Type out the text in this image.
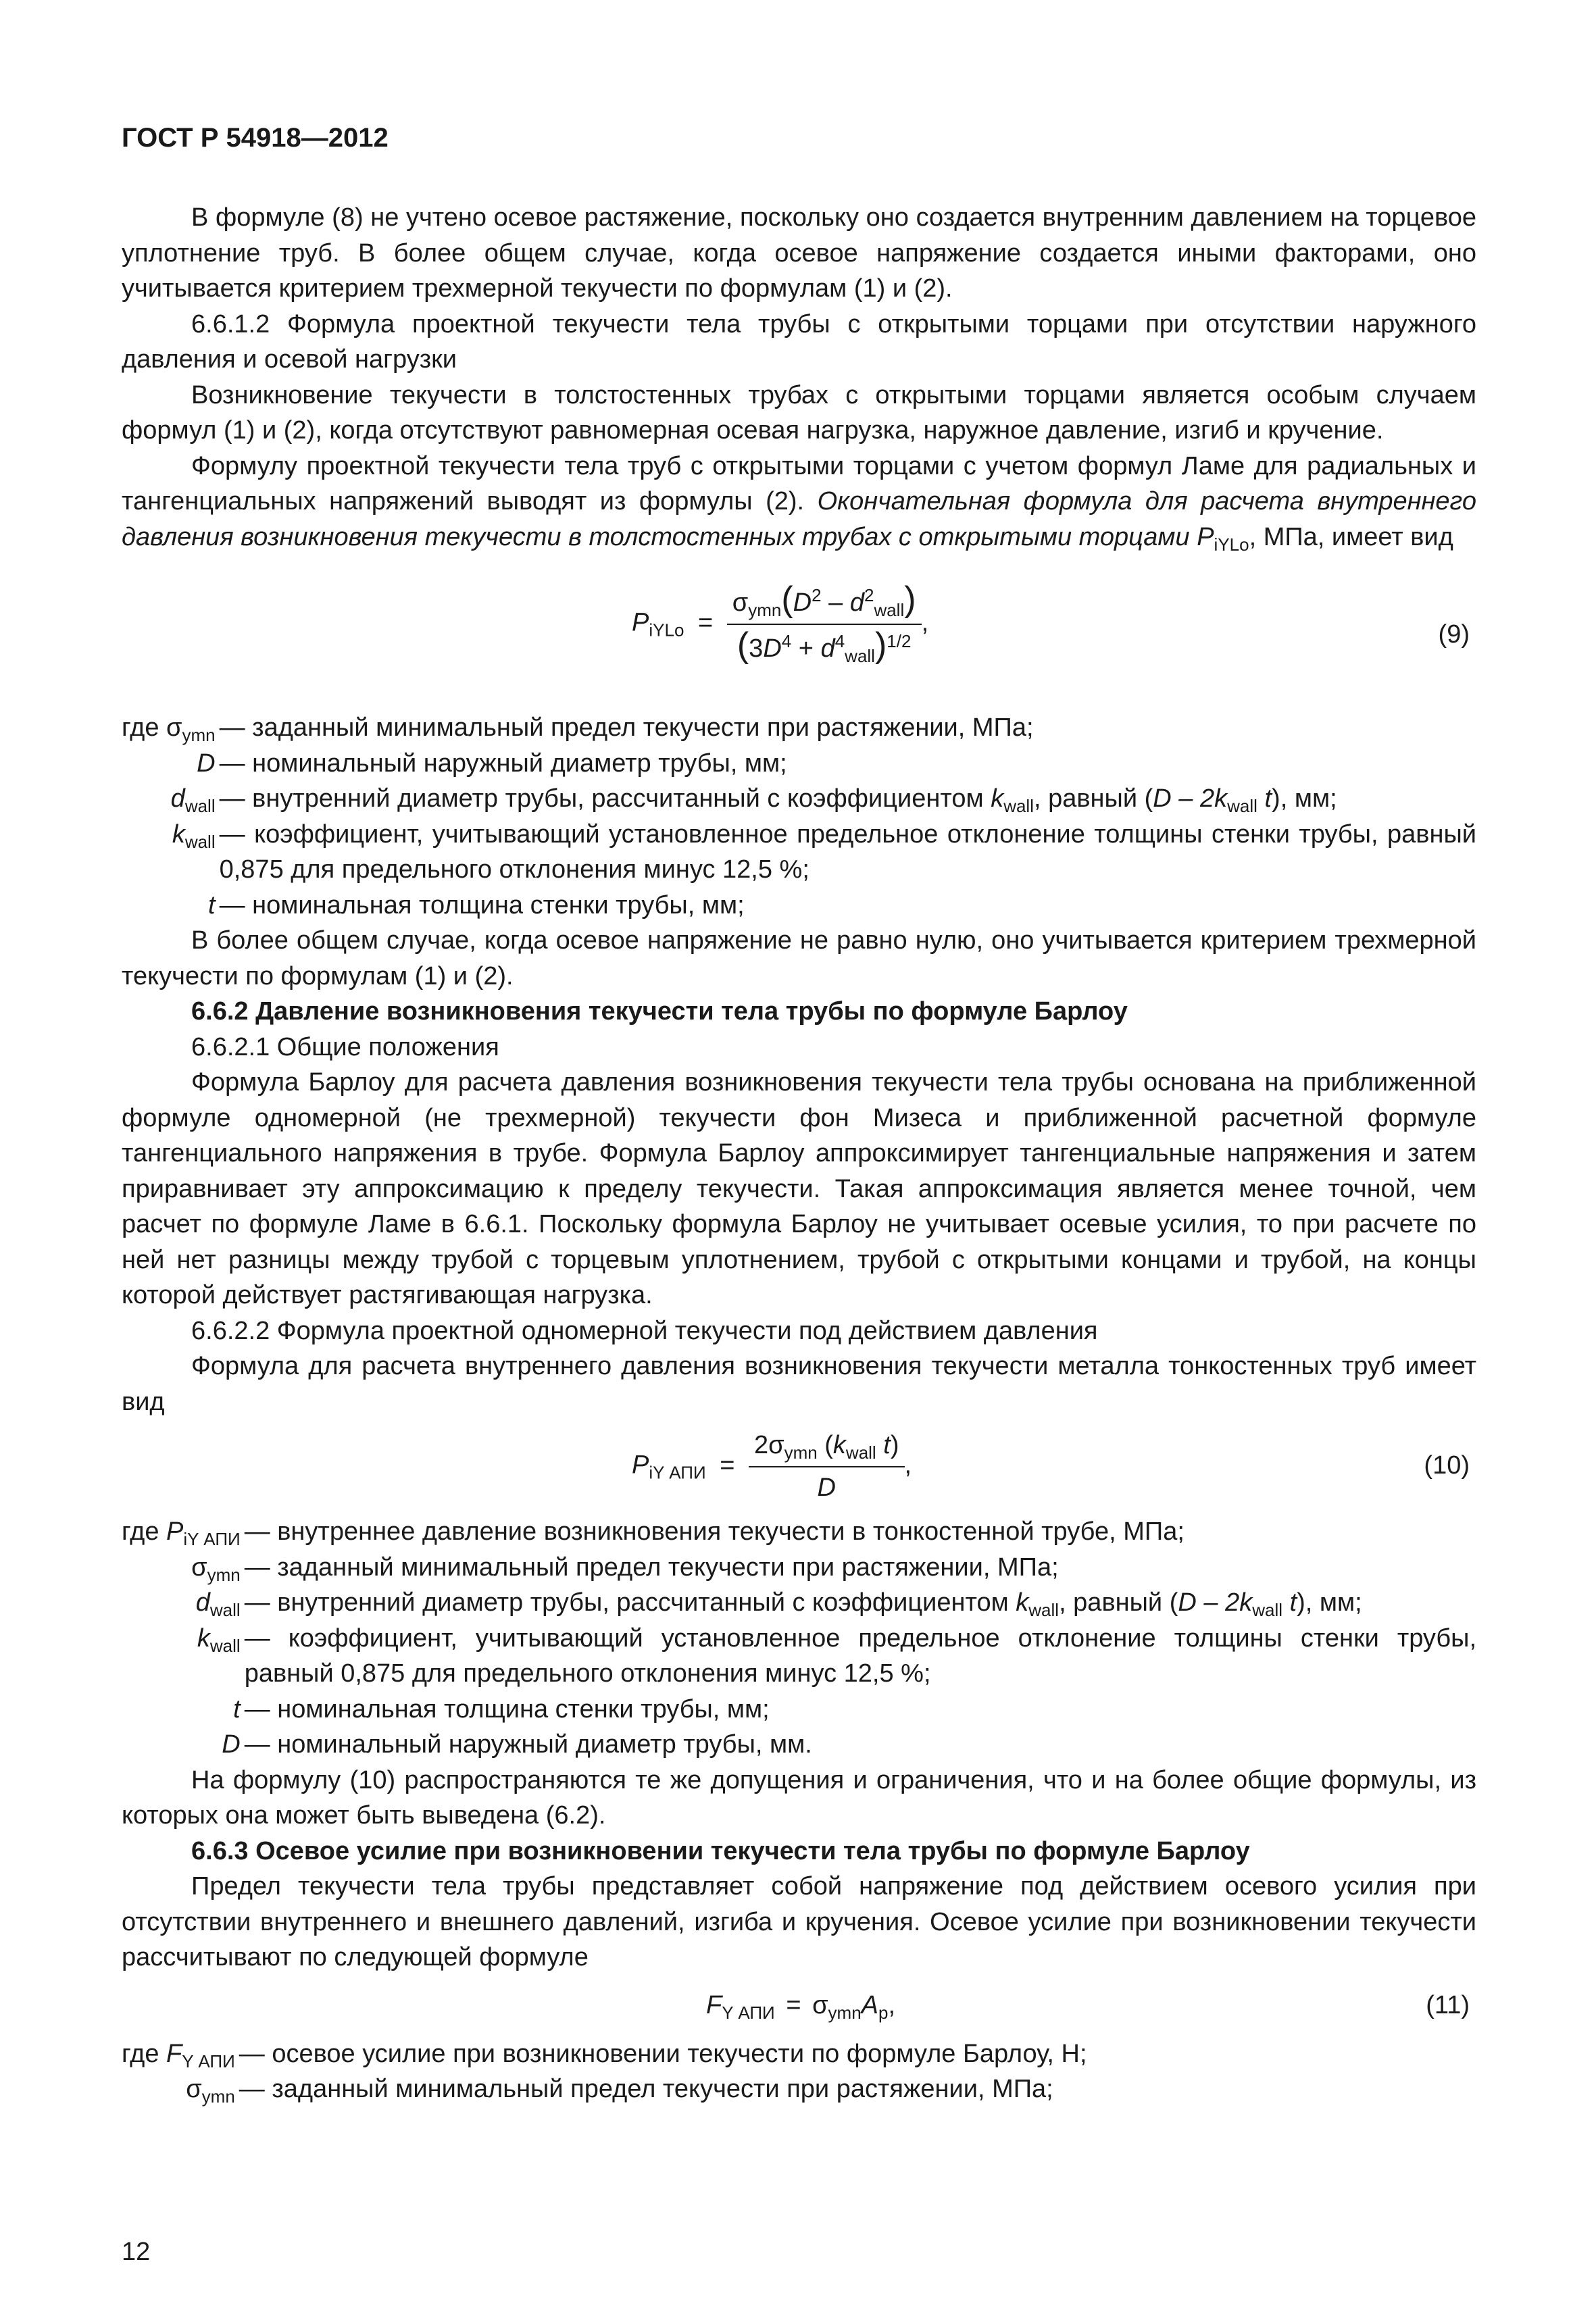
ГОСТ Р 54918—2012

В формуле (8) не учтено осевое растяжение, поскольку оно создается внутренним давлением на торцевое уплотнение труб. В более общем случае, когда осевое напряжение создается иными факторами, оно учитывается критерием трехмерной текучести по формулам (1) и (2).

6.6.1.2 Формула проектной текучести тела трубы с открытыми торцами при отсутствии наружного давления и осевой нагрузки

Возникновение текучести в толстостенных трубах с открытыми торцами является особым случаем формул (1) и (2), когда отсутствуют равномерная осевая нагрузка, наружное давление, изгиб и кручение.

Формулу проектной текучести тела труб с открытыми торцами с учетом формул Ламе для радиальных и тангенциальных напряжений выводят из формулы (2). Окончательная формула для расчета внутреннего давления возникновения текучести в толстостенных трубах с открытыми торцами $P_{iYLo}$, МПа, имеет вид

$P_{iYLo} = \frac{\sigma_{ymn}(D^2 - d^2_{wall})}{(3D^4 + d^4_{wall})^{1/2}}$ ,	(9)
где $\sigma_{ymn}$ — заданный минимальный предел текучести при растяжении, МПа;
D — номинальный наружный диаметр трубы, мм;
$d_{wall}$ — внутренний диаметр трубы, рассчитанный с коэффициентом $k_{wall}$, равный ($D - 2k_{wall}$ t), мм;
$k_{wall}$ — коэффициент, учитывающий установленное предельное отклонение толщины стенки трубы, равный 0,875 для предельного отклонения минус 12,5 %;
t — номинальная толщина стенки трубы, мм;

В более общем случае, когда осевое напряжение не равно нулю, оно учитывается критерием трехмерной текучести по формулам (1) и (2).

6.6.2 Давление возникновения текучести тела трубы по формуле Барлоу

6.6.2.1 Общие положения

Формула Барлоу для расчета давления возникновения текучести тела трубы основана на приближенной формуле одномерной (не трехмерной) текучести фон Мизеса и приближенной расчетной формуле тангенциального напряжения в трубе. Формула Барлоу аппроксимирует тангенциальные напряжения и затем приравнивает эту аппроксимацию к пределу текучести. Такая аппроксимация является менее точной, чем расчет по формуле Ламе в 6.6.1. Поскольку формула Барлоу не учитывает осевые усилия, то при расчете по ней нет разницы между трубой с торцевым уплотнением, трубой с открытыми концами и трубой, на концы которой действует растягивающая нагрузка.

6.6.2.2 Формула проектной одномерной текучести под действием давления

Формула для расчета внутреннего давления возникновения текучести металла тонкостенных труб имеет вид

$P_{iY АПИ} = \frac{2\sigma_{ymn} (k_{wall} t)}{D}$ ,	(10)
где $P_{iY АПИ}$ — внутреннее давление возникновения текучести в тонкостенной трубе, МПа;
$\sigma_{ymn}$ — заданный минимальный предел текучести при растяжении, МПа;
$d_{wall}$ — внутренний диаметр трубы, рассчитанный с коэффициентом $k_{wall}$, равный ($D - 2k_{wall}$ t), мм;
$k_{wall}$ — коэффициент, учитывающий установленное предельное отклонение толщины стенки трубы, равный 0,875 для предельного отклонения минус 12,5 %;
t — номинальная толщина стенки трубы, мм;
D — номинальный наружный диаметр трубы, мм.

На формулу (10) распространяются те же допущения и ограничения, что и на более общие формулы, из которых она может быть выведена (6.2).

6.6.3 Осевое усилие при возникновении текучести тела трубы по формуле Барлоу

Предел текучести тела трубы представляет собой напряжение под действием осевого усилия при отсутствии внутреннего и внешнего давлений, изгиба и кручения. Осевое усилие при возникновении текучести рассчитывают по следующей формуле

$F_{Y АПИ} = \sigma_{ymn}A_p$,	(11)
где $F_{Y АПИ}$ — осевое усилие при возникновении текучести по формуле Барлоу, Н;
$\sigma_{ymn}$ — заданный минимальный предел текучести при растяжении, МПа;
12
